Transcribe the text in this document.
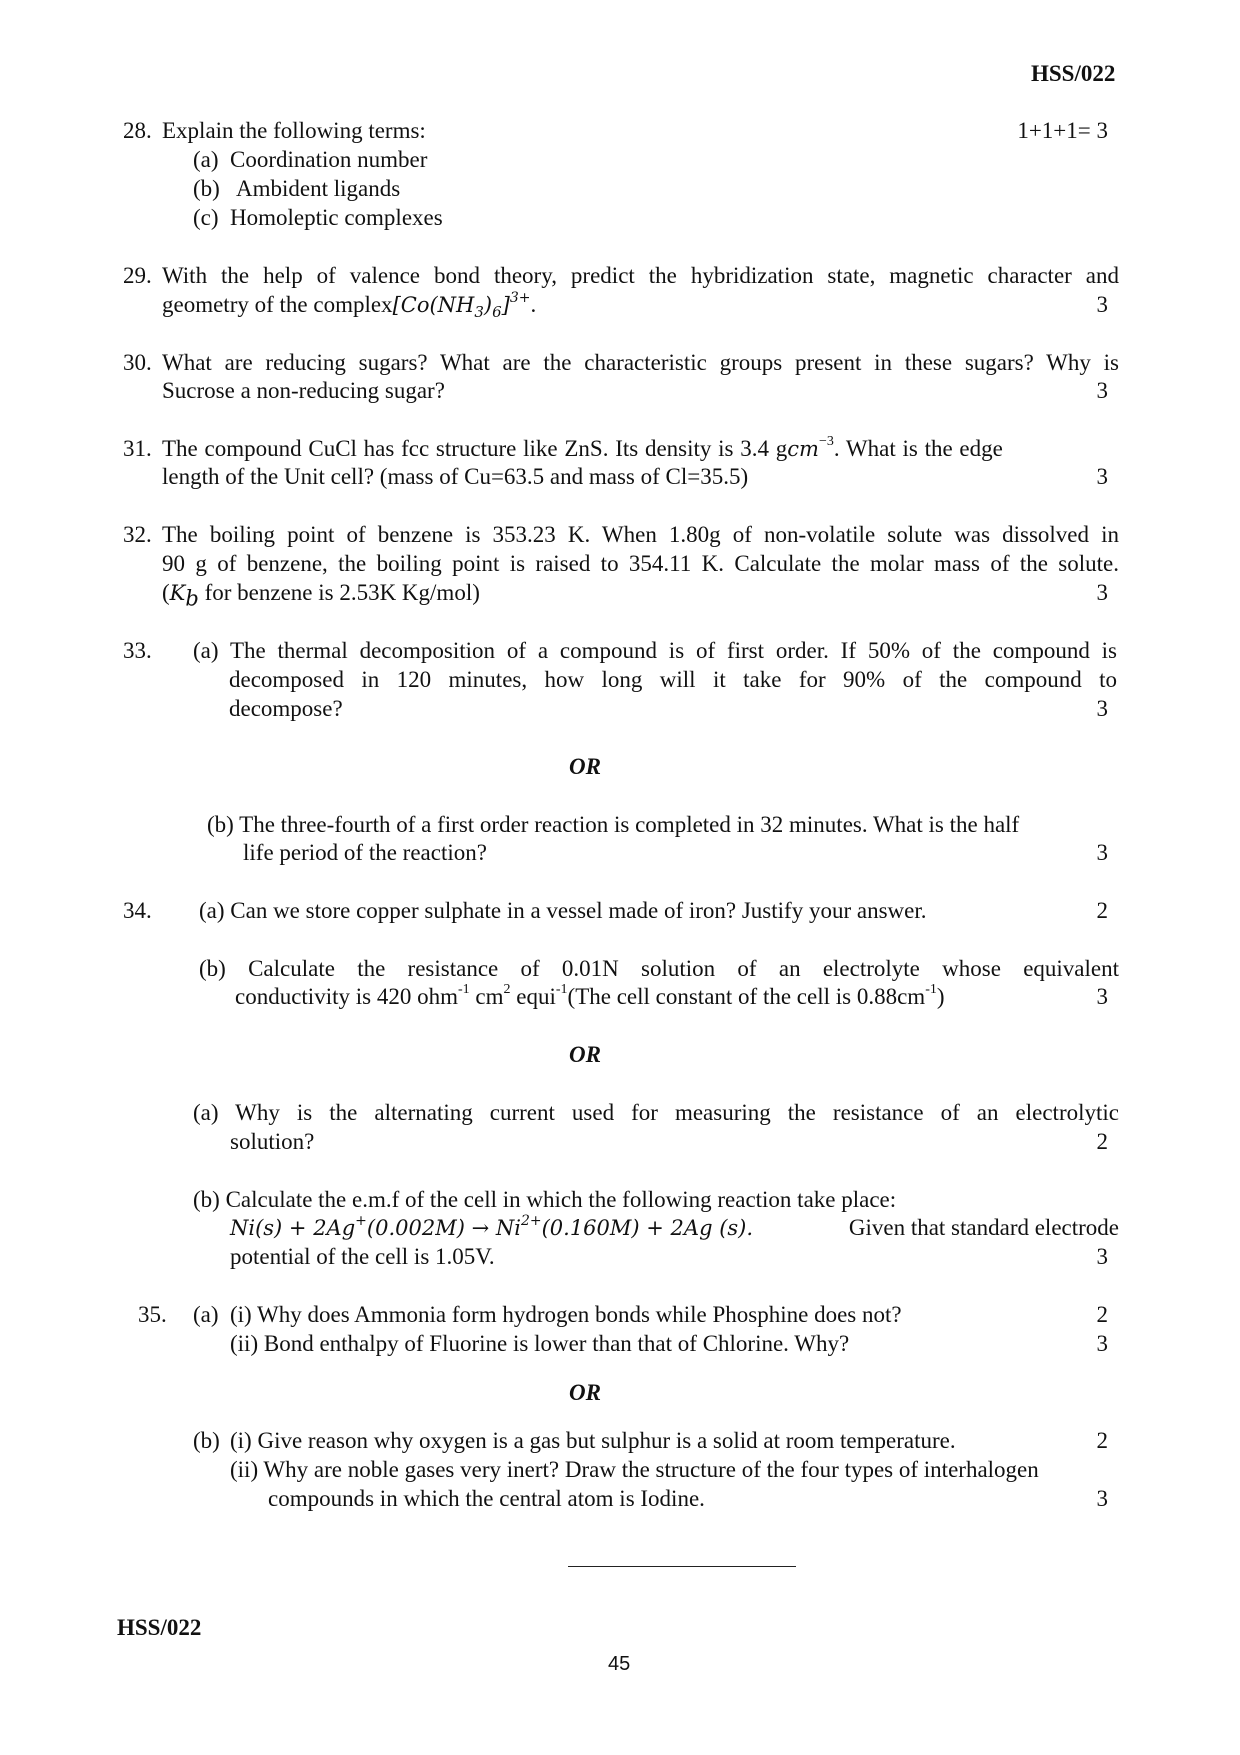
HSS/022
28. Explain the following terms:	1+1+1= 3
(a) Coordination number
(b) Ambident ligands
(c) Homoleptic complexes
29. With the help of valence bond theory, predict the hybridization state, magnetic character and
geometry of the $complex[Co(NH_3)_6]^{3+}$.	3
30. What are reducing sugars? What are the characteristic groups present in these sugars? Why is
Sucrose a non-reducing sugar?	3
31. The compound CuCl has fcc structure like ZnS. Its density is 3.4 gcm$^{-3}$. What is the edge
length of the Unit cell? (mass of Cu=63.5 and mass of Cl=35.5)	3
32. The boiling point of benzene is 353.23 K. When 1.80g of non-volatile solute was dissolved in
90 g of benzene, the boiling point is raised to 354.11 K. Calculate the molar mass of the solute.
($K_b$ for benzene is 2.53K Kg/mol)	3
33. (a) The thermal decomposition of a compound is of first order. If 50% of the compound is
decomposed in 120 minutes, how long will it take for 90% of the compound to
decompose?	3
OR
(b) The three-fourth of a first order reaction is completed in 32 minutes. What is the half
life period of the reaction?	3
34. (a) Can we store copper sulphate in a vessel made of iron? Justify your answer.	2
(b) Calculate the resistance of 0.01N solution of an electrolyte whose equivalent
conductivity is 420 ohm$^{-1}$ $cm^2$ equi$^{-1}$(The cell constant of the cell is $0.88cm^{-1}$)	3
OR
(a) Why is the alternating current used for measuring the resistance of an electrolytic
solution?	2
(b) Calculate the e.m.f of the cell in which the following reaction take place:
$Ni(s) + 2Ag^+(0.002M) \to Ni^{2+}(0.160M) + 2Ag$ (s).	Given that standard electrode
potential of the cell is 1.05V.	3
35. (a) (i) Why does Ammonia form hydrogen bonds while Phosphine does not?	2
(ii) Bond enthalpy of Fluorine is lower than that of Chlorine. Why?	3
OR
(b) (i) Give reason why oxygen is a gas but sulphur is a solid at room temperature.	2
(ii) Why are noble gases very inert? Draw the structure of the four types of interhalogen
compounds in which the central atom is Iodine.	3
HSS/022
45
